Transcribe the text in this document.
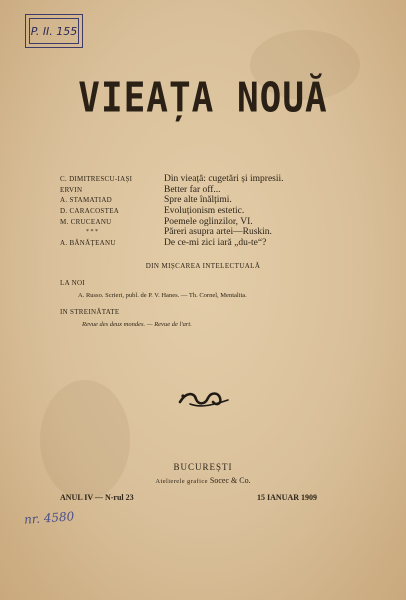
P. II. 155
VIEAȚA NOUĂ
C. DIMITRESCU-IAȘI	Din vieață: cugetări și impresii.
ERVIN	Better far off...
A. STAMATIAD	Spre alte înălțimi.
D. CARACOSTEA	Evoluționism estetic.
M. CRUCEANU	Poemele oglinzilor, VI.
* * *	Păreri asupra artei—Ruskin.
A. BĂNĂȚEANU	De ce-mi zici iară „du-te“?
DIN MIȘCAREA INTELECTUALĂ
LA NOI
A. Russo. Scrieri, publ. de P. V. Hanes. — Th. Cornel, Mentalita.
IN STREINĂTATE
Revue des deux mondes. — Revue de l'art.
BUCUREȘTI
Atelierele grafice Socec & Co.
ANUL IV — N-rul 23	15 IANUAR 1909
nr. 4580
